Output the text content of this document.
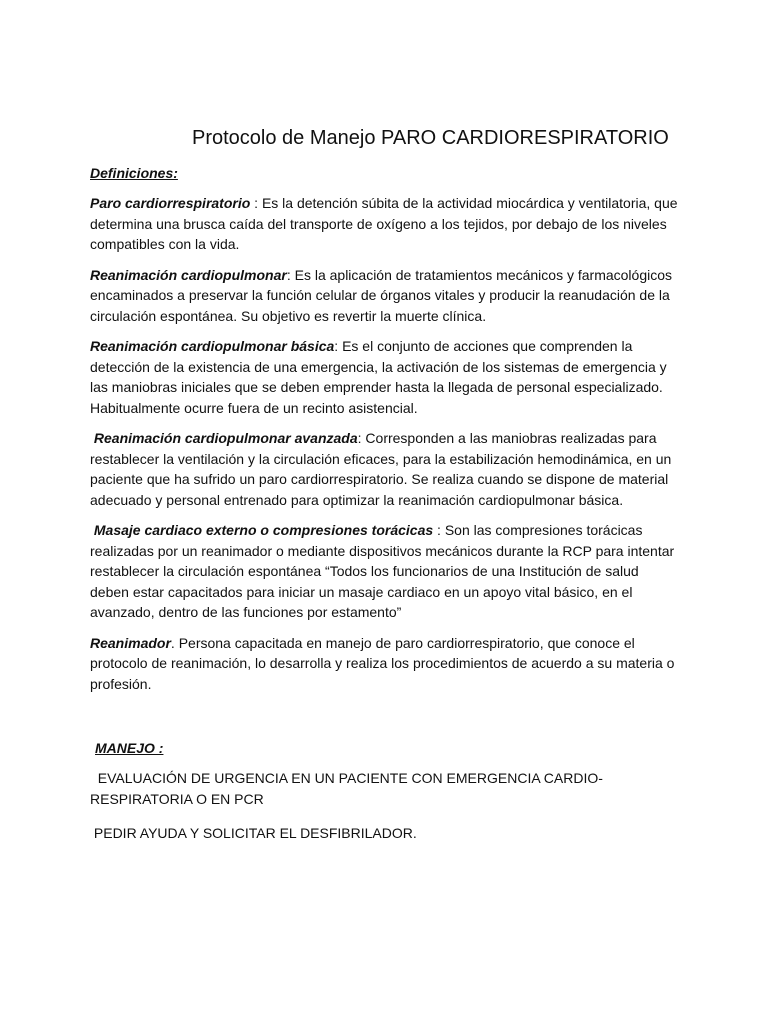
Protocolo de Manejo PARO CARDIORESPIRATORIO

Definiciones:

Paro cardiorrespiratorio : Es la detención súbita de la actividad miocárdica y ventilatoria, que determina una brusca caída del transporte de oxígeno a los tejidos, por debajo de los niveles compatibles con la vida.

Reanimación cardiopulmonar: Es la aplicación de tratamientos mecánicos y farmacológicos encaminados a preservar la función celular de órganos vitales y producir la reanudación de la circulación espontánea. Su objetivo es revertir la muerte clínica.

Reanimación cardiopulmonar básica: Es el conjunto de acciones que comprenden la detección de la existencia de una emergencia, la activación de los sistemas de emergencia y las maniobras iniciales que se deben emprender hasta la llegada de personal especializado. Habitualmente ocurre fuera de un recinto asistencial.

Reanimación cardiopulmonar avanzada: Corresponden a las maniobras realizadas para restablecer la ventilación y la circulación eficaces, para la estabilización hemodinámica, en un paciente que ha sufrido un paro cardiorrespiratorio. Se realiza cuando se dispone de material adecuado y personal entrenado para optimizar la reanimación cardiopulmonar básica.

Masaje cardiaco externo o compresiones torácicas : Son las compresiones torácicas realizadas por un reanimador o mediante dispositivos mecánicos durante la RCP para intentar restablecer la circulación espontánea “Todos los funcionarios de una Institución de salud deben estar capacitados para iniciar un masaje cardiaco en un apoyo vital básico, en el avanzado, dentro de las funciones por estamento”

Reanimador. Persona capacitada en manejo de paro cardiorrespiratorio, que conoce el protocolo de reanimación, lo desarrolla y realiza los procedimientos de acuerdo a su materia o profesión.

MANEJO :

EVALUACIÓN DE URGENCIA EN UN PACIENTE CON EMERGENCIA CARDIO-RESPIRATORIA O EN PCR

PEDIR AYUDA Y SOLICITAR EL DESFIBRILADOR.
